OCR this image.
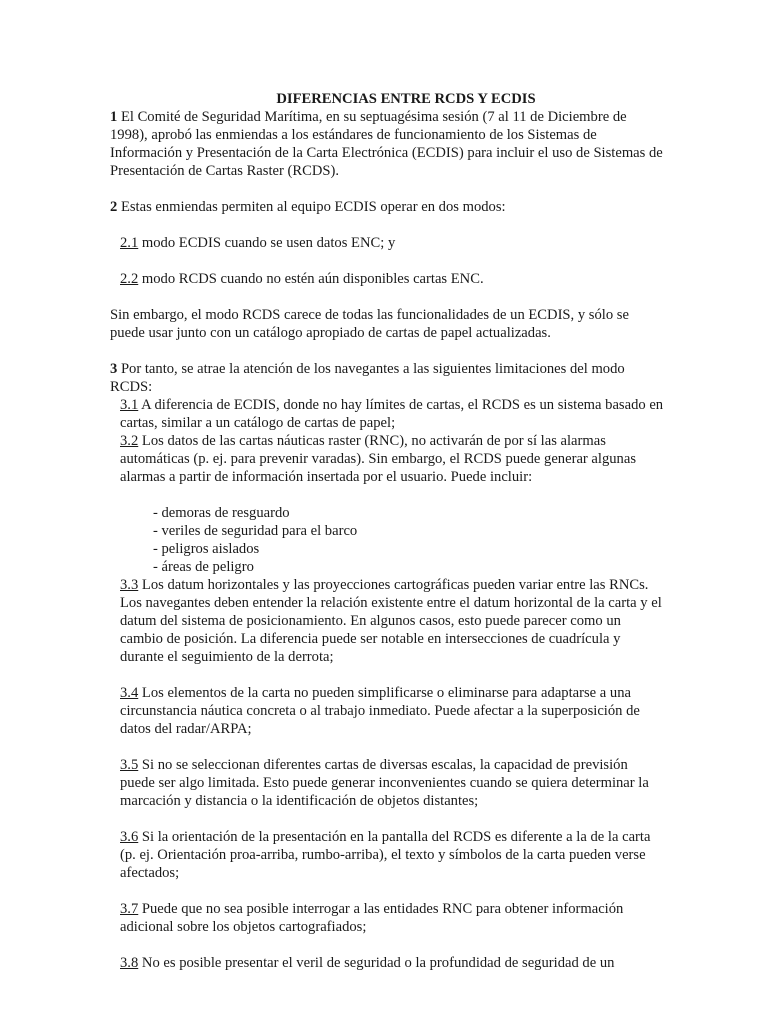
DIFERENCIAS ENTRE RCDS Y ECDIS

1 El Comité de Seguridad Marítima, en su septuagésima sesión (7 al 11 de Diciembre de 1998), aprobó las enmiendas a los estándares de funcionamiento de los Sistemas de Información y Presentación de la Carta Electrónica (ECDIS) para incluir el uso de Sistemas de Presentación de Cartas Raster (RCDS).

2 Estas enmiendas permiten al equipo ECDIS operar en dos modos:

2.1 modo ECDIS cuando se usen datos ENC; y

2.2 modo RCDS cuando no estén aún disponibles cartas ENC.

Sin embargo, el modo RCDS carece de todas las funcionalidades de un ECDIS, y sólo se puede usar junto con un catálogo apropiado de cartas de papel actualizadas.

3 Por tanto, se atrae la atención de los navegantes a las siguientes limitaciones del modo RCDS:

3.1 A diferencia de ECDIS, donde no hay límites de cartas, el RCDS es un sistema basado en cartas, similar a un catálogo de cartas de papel;

3.2 Los datos de las cartas náuticas raster (RNC), no activarán de por sí las alarmas automáticas (p. ej. para prevenir varadas). Sin embargo, el RCDS puede generar algunas alarmas a partir de información insertada por el usuario. Puede incluir:

- demoras de resguardo
- veriles de seguridad para el barco
- peligros aislados
- áreas de peligro

3.3 Los datum horizontales y las proyecciones cartográficas pueden variar entre las RNCs. Los navegantes deben entender la relación existente entre el datum horizontal de la carta y el datum del sistema de posicionamiento. En algunos casos, esto puede parecer como un cambio de posición. La diferencia puede ser notable en intersecciones de cuadrícula y durante el seguimiento de la derrota;

3.4 Los elementos de la carta no pueden simplificarse o eliminarse para adaptarse a una circunstancia náutica concreta o al trabajo inmediato. Puede afectar a la superposición de datos del radar/ARPA;

3.5 Si no se seleccionan diferentes cartas de diversas escalas, la capacidad de previsión puede ser algo limitada. Esto puede generar inconvenientes cuando se quiera determinar la marcación y distancia o la identificación de objetos distantes;

3.6 Si la orientación de la presentación en la pantalla del RCDS es diferente a la de la carta (p. ej. Orientación proa-arriba, rumbo-arriba), el texto y símbolos de la carta pueden verse afectados;

3.7 Puede que no sea posible interrogar a las entidades RNC para obtener información adicional sobre los objetos cartografiados;

3.8 No es posible presentar el veril de seguridad o la profundidad de seguridad de un
